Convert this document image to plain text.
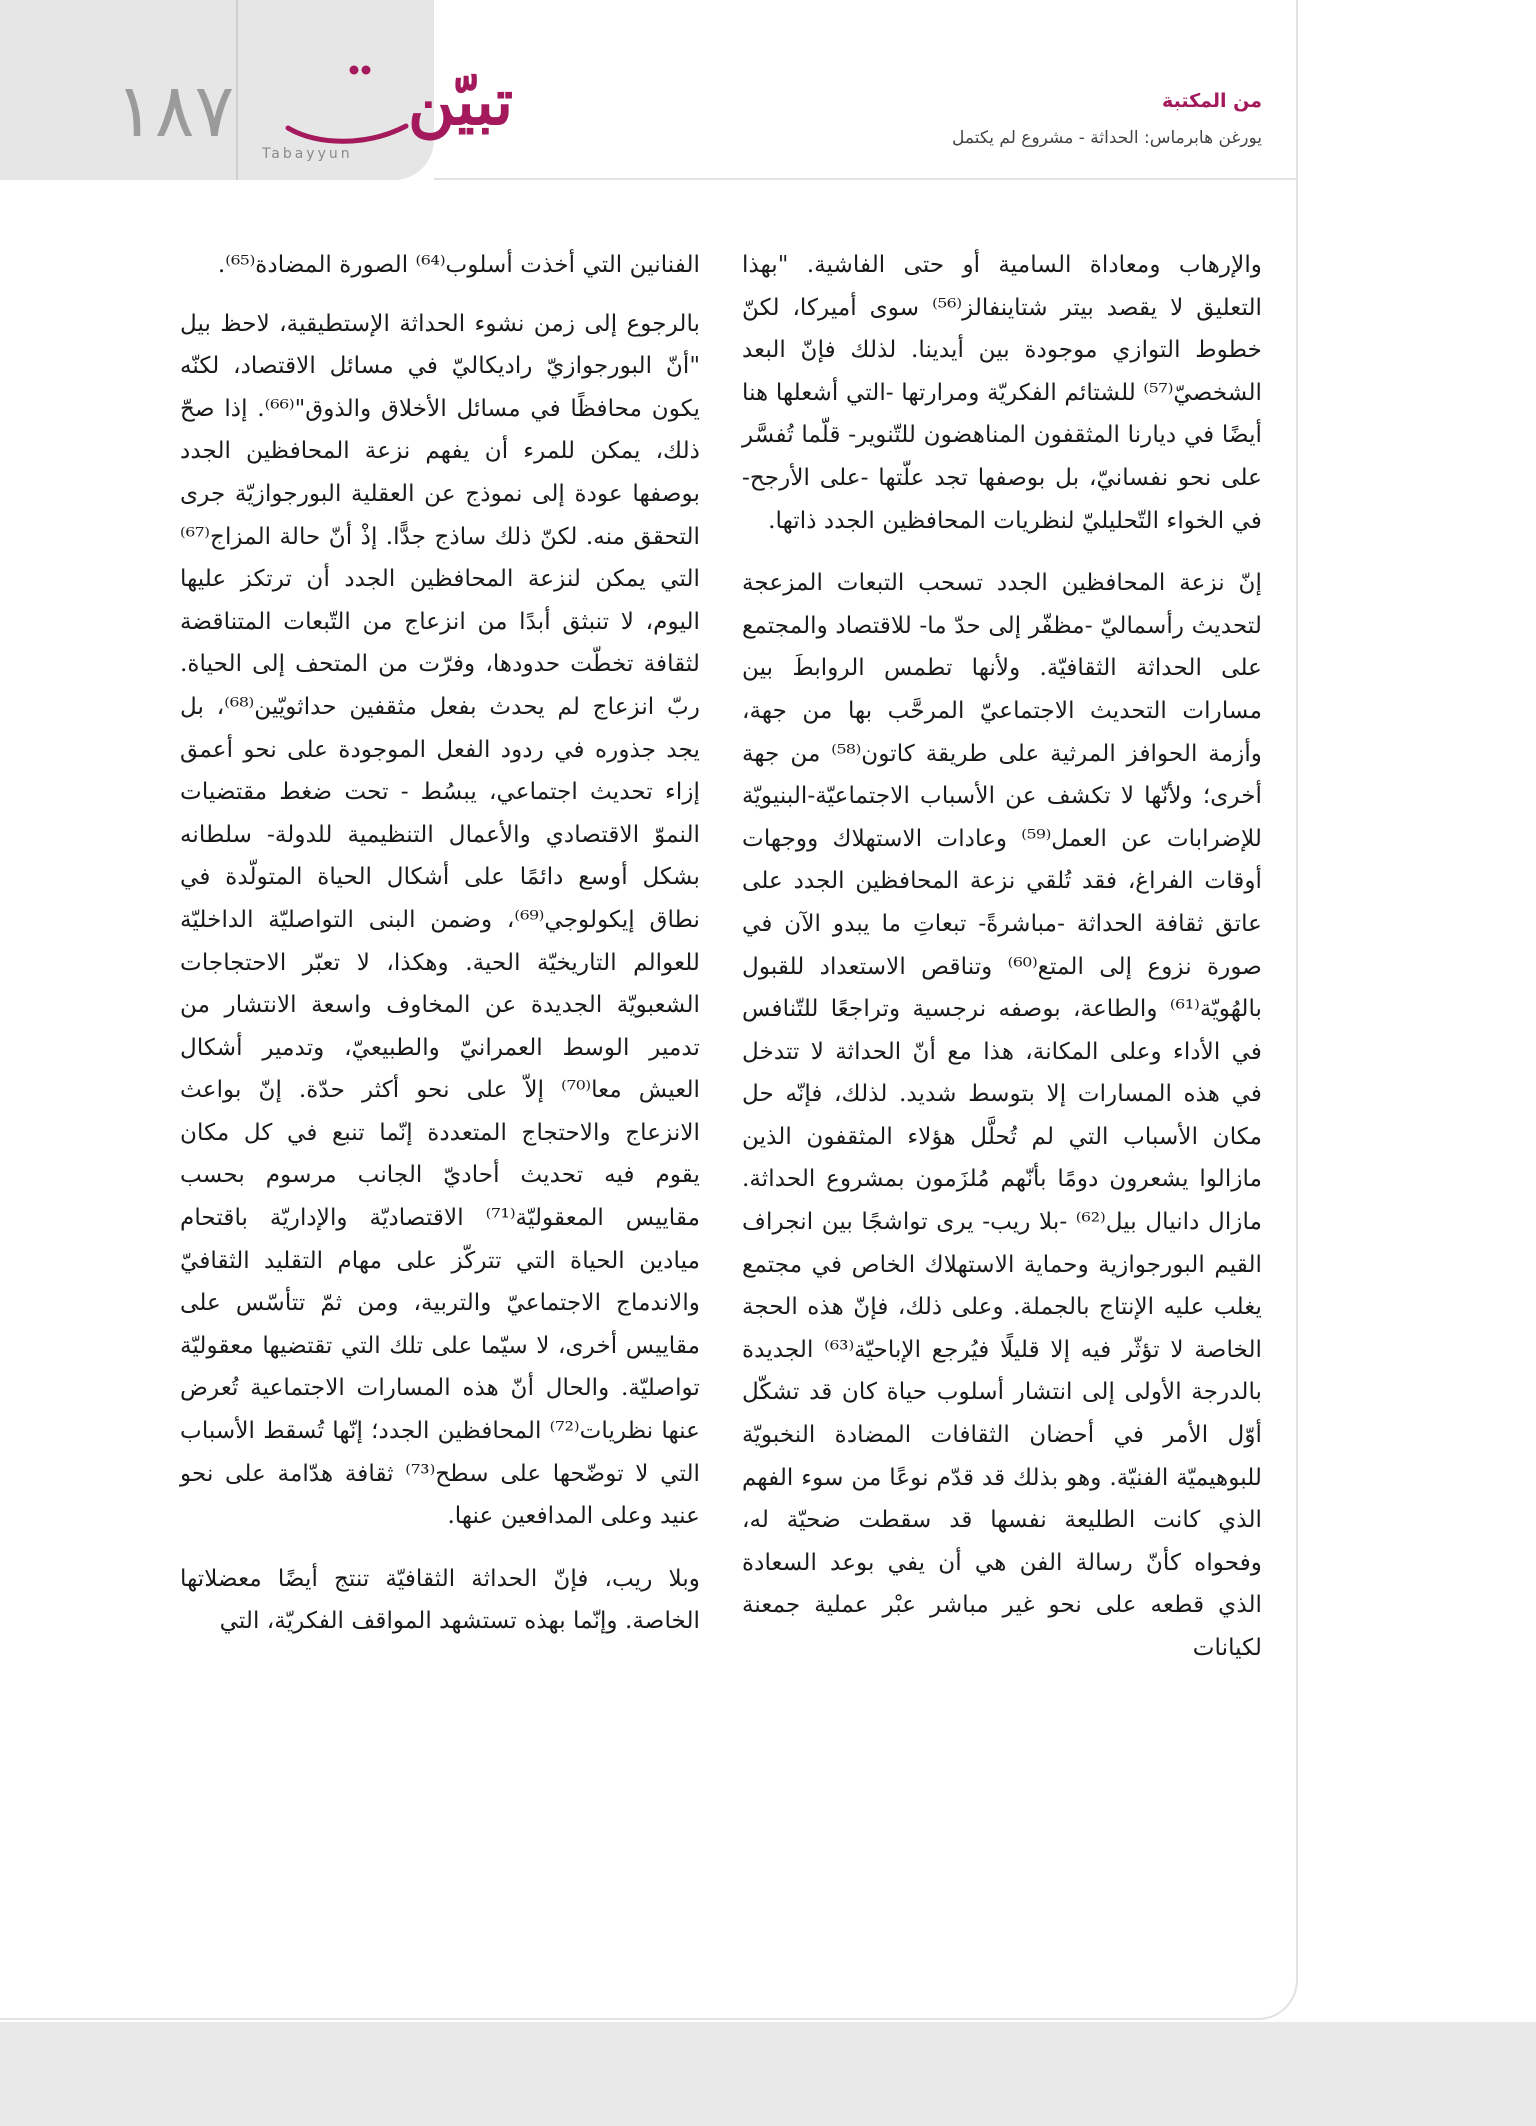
١٨٧	تبيّن
Tabayyun
من المكتبة
يورغن هابرماس: الحداثة - مشروع لم يكتمل

والإرهاب ومعاداة السامية أو حتى الفاشية. "بهذا التعليق لا يقصد بيتر شتاينفالز⁽⁵⁶⁾ سوى أميركا، لكنّ خطوط التوازي موجودة بين أيدينا. لذلك فإنّ البعد الشخصيّ⁽⁵⁷⁾ للشتائم الفكريّة ومرارتها -التي أشعلها هنا أيضًا في ديارنا المثقفون المناهضون للتّنوير- قلّما تُفسَّر على نحو نفسانيّ، بل بوصفها تجد علّتها -على الأرجح- في الخواء التّحليليّ لنظريات المحافظين الجدد ذاتها.

إنّ نزعة المحافظين الجدد تسحب التبعات المزعجة لتحديث رأسماليّ -مظفّر إلى حدّ ما- للاقتصاد والمجتمع على الحداثة الثقافيّة. ولأنها تطمس الروابطَ بين مسارات التحديث الاجتماعيّ المرحَّب بها من جهة، وأزمة الحوافز المرثية على طريقة كاتون⁽⁵⁸⁾ من جهة أخرى؛ ولأنّها لا تكشف عن الأسباب الاجتماعيّة-البنيويّة للإضرابات عن العمل⁽⁵⁹⁾ وعادات الاستهلاك ووجهات أوقات الفراغ، فقد تُلقي نزعة المحافظين الجدد على عاتق ثقافة الحداثة -مباشرةً- تبعاتِ ما يبدو الآن في صورة نزوع إلى المتع⁽⁶⁰⁾ وتناقص الاستعداد للقبول بالهُويّة⁽⁶¹⁾ والطاعة، بوصفه نرجسية وتراجعًا للتّنافس في الأداء وعلى المكانة، هذا مع أنّ الحداثة لا تتدخل في هذه المسارات إلا بتوسط شديد. لذلك، فإنّه حل مكان الأسباب التي لم تُحلَّل هؤلاء المثقفون الذين مازالوا يشعرون دومًا بأنّهم مُلزَمون بمشروع الحداثة. مازال دانيال بيل⁽⁶²⁾ -بلا ريب- يرى تواشجًا بين انجراف القيم البورجوازية وحماية الاستهلاك الخاص في مجتمع يغلب عليه الإنتاج بالجملة. وعلى ذلك، فإنّ هذه الحجة الخاصة لا تؤثّر فيه إلا قليلًا فيُرجع الإباحيّة⁽⁶³⁾ الجديدة بالدرجة الأولى إلى انتشار أسلوب حياة كان قد تشكّل أوّل الأمر في أحضان الثقافات المضادة النخبويّة للبوهيميّة الفنيّة. وهو بذلك قد قدّم نوعًا من سوء الفهم الذي كانت الطليعة نفسها قد سقطت ضحيّة له، وفحواه كأنّ رسالة الفن هي أن يفي بوعد السعادة الذي قطعه على نحو غير مباشر عبْر عملية جمعنة لكيانات

الفنانين التي أخذت أسلوب⁽⁶⁴⁾ الصورة المضادة⁽⁶⁵⁾.

بالرجوع إلى زمن نشوء الحداثة الإستطيقية، لاحظ بيل "أنّ البورجوازيّ راديكاليّ في مسائل الاقتصاد، لكنّه يكون محافظًا في مسائل الأخلاق والذوق"⁽⁶⁶⁾. إذا صحّ ذلك، يمكن للمرء أن يفهم نزعة المحافظين الجدد بوصفها عودة إلى نموذج عن العقلية البورجوازيّة جرى التحقق منه. لكنّ ذلك ساذج جدًّا. إذْ أنّ حالة المزاج⁽⁶⁷⁾ التي يمكن لنزعة المحافظين الجدد أن ترتكز عليها اليوم، لا تنبثق أبدًا من انزعاج من التّبعات المتناقضة لثقافة تخطّت حدودها، وفرّت من المتحف إلى الحياة. ربّ انزعاج لم يحدث بفعل مثقفين حداثويّين⁽⁶⁸⁾، بل يجد جذوره في ردود الفعل الموجودة على نحو أعمق إزاء تحديث اجتماعي، يبسُط - تحت ضغط مقتضيات النموّ الاقتصادي والأعمال التنظيمية للدولة- سلطانه بشكل أوسع دائمًا على أشكال الحياة المتولّدة في نطاق إيكولوجي⁽⁶⁹⁾، وضمن البنى التواصليّة الداخليّة للعوالم التاريخيّة الحية. وهكذا، لا تعبّر الاحتجاجات الشعبويّة الجديدة عن المخاوف واسعة الانتشار من تدمير الوسط العمرانيّ والطبيعيّ، وتدمير أشكال العيش معا⁽⁷⁰⁾ إلاّ على نحو أكثر حدّة. إنّ بواعث الانزعاج والاحتجاج المتعددة إنّما تنبع في كل مكان يقوم فيه تحديث أحاديّ الجانب مرسوم بحسب مقاييس المعقوليّة⁽⁷¹⁾ الاقتصاديّة والإداريّة باقتحام ميادين الحياة التي تتركّز على مهام التقليد الثقافيّ والاندماج الاجتماعيّ والتربية، ومن ثمّ تتأسّس على مقاييس أخرى، لا سيّما على تلك التي تقتضيها معقوليّة تواصليّة. والحال أنّ هذه المسارات الاجتماعية تُعرض عنها نظريات⁽⁷²⁾ المحافظين الجدد؛ إنّها تُسقط الأسباب التي لا توضّحها على سطح⁽⁷³⁾ ثقافة هدّامة على نحو عنيد وعلى المدافعين عنها.

وبلا ريب، فإنّ الحداثة الثقافيّة تنتج أيضًا معضلاتها الخاصة. وإنّما بهذه تستشهد المواقف الفكريّة، التي
